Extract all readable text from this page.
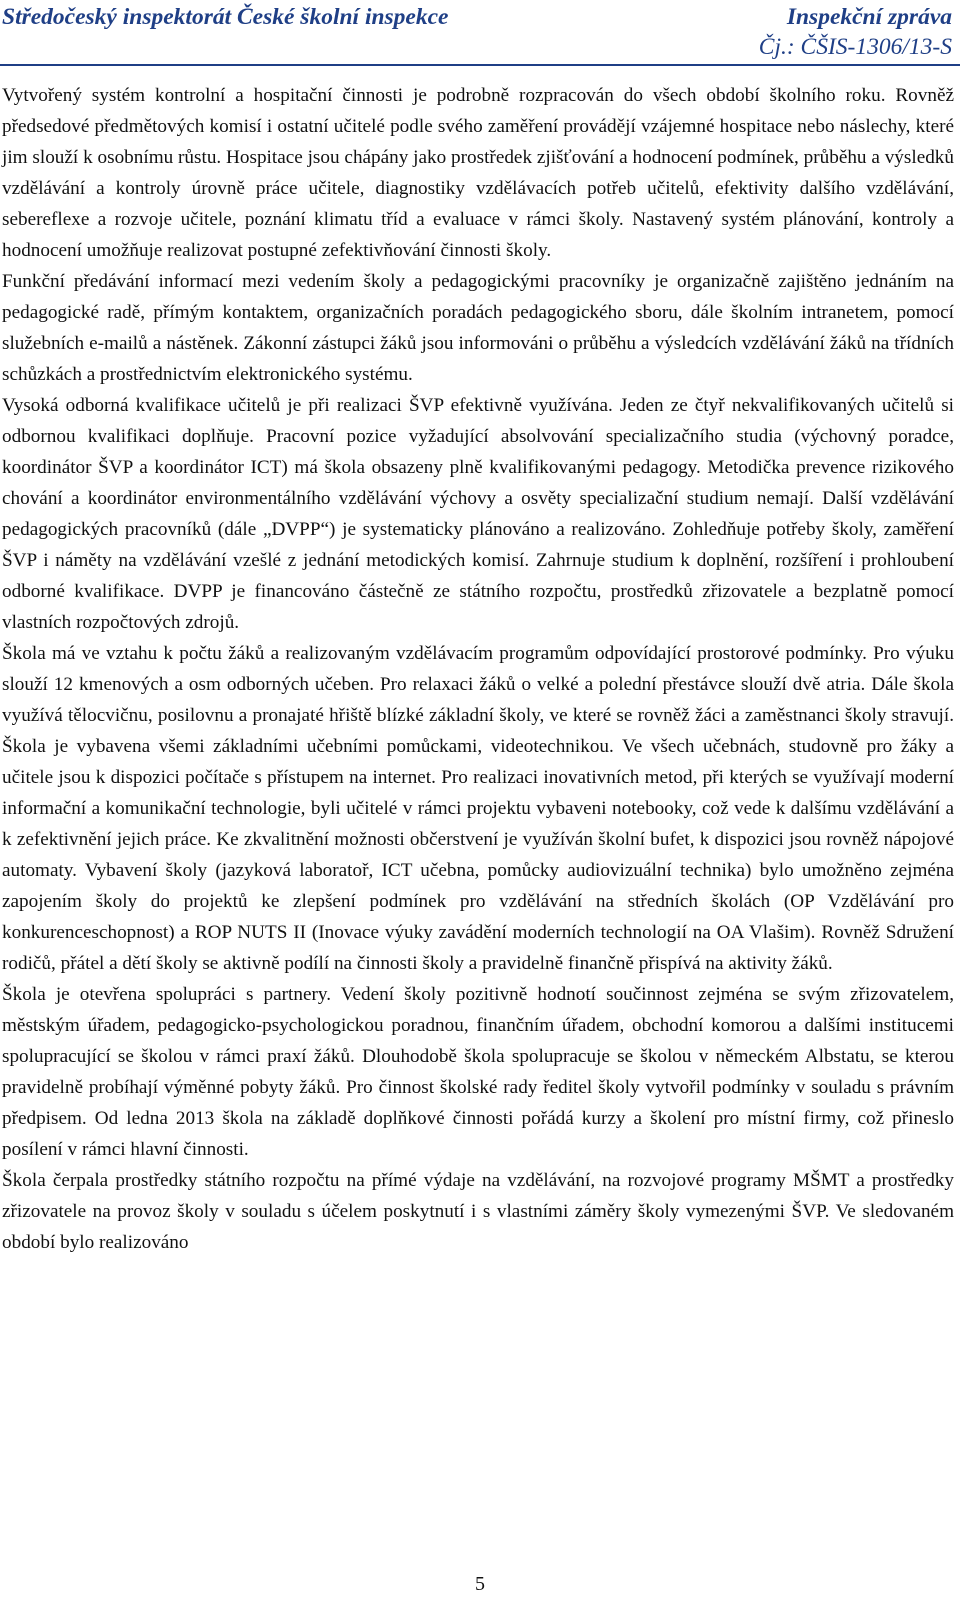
Středočeský inspektorát České školní inspekce	Inspekční zpráva
Čj.: ČŠIS-1306/13-S

Vytvořený systém kontrolní a hospitační činnosti je podrobně rozpracován do všech období školního roku. Rovněž předsedové předmětových komisí i ostatní učitelé podle svého zaměření provádějí vzájemné hospitace nebo náslechy, které jim slouží k osobnímu růstu. Hospitace jsou chápány jako prostředek zjišťování a hodnocení podmínek, průběhu a výsledků vzdělávání a kontroly úrovně práce učitele, diagnostiky vzdělávacích potřeb učitelů, efektivity dalšího vzdělávání, sebereflexe a rozvoje učitele, poznání klimatu tříd a evaluace v rámci školy. Nastavený systém plánování, kontroly a hodnocení umožňuje realizovat postupné zefektivňování činnosti školy.

Funkční předávání informací mezi vedením školy a pedagogickými pracovníky je organizačně zajištěno jednáním na pedagogické radě, přímým kontaktem, organizačních poradách pedagogického sboru, dále školním intranetem, pomocí služebních e-mailů a nástěnek. Zákonní zástupci žáků jsou informováni o průběhu a výsledcích vzdělávání žáků na třídních schůzkách a prostřednictvím elektronického systému.

Vysoká odborná kvalifikace učitelů je při realizaci ŠVP efektivně využívána. Jeden ze čtyř nekvalifikovaných učitelů si odbornou kvalifikaci doplňuje. Pracovní pozice vyžadující absolvování specializačního studia (výchovný poradce, koordinátor ŠVP a koordinátor ICT) má škola obsazeny plně kvalifikovanými pedagogy. Metodička prevence rizikového chování a koordinátor environmentálního vzdělávání výchovy a osvěty specializační studium nemají. Další vzdělávání pedagogických pracovníků (dále „DVPP“) je systematicky plánováno a realizováno. Zohledňuje potřeby školy, zaměření ŠVP i náměty na vzdělávání vzešlé z jednání metodických komisí. Zahrnuje studium k doplnění, rozšíření i prohloubení odborné kvalifikace. DVPP je financováno částečně ze státního rozpočtu, prostředků zřizovatele a bezplatně pomocí vlastních rozpočtových zdrojů.

Škola má ve vztahu k počtu žáků a realizovaným vzdělávacím programům odpovídající prostorové podmínky. Pro výuku slouží 12 kmenových a osm odborných učeben. Pro relaxaci žáků o velké a polední přestávce slouží dvě atria. Dále škola využívá tělocvičnu, posilovnu a pronajaté hřiště blízké základní školy, ve které se rovněž žáci a zaměstnanci školy stravují. Škola je vybavena všemi základními učebními pomůckami, videotechnikou. Ve všech učebnách, studovně pro žáky a učitele jsou k dispozici počítače s přístupem na internet. Pro realizaci inovativních metod, při kterých se využívají moderní informační a komunikační technologie, byli učitelé v rámci projektu vybaveni notebooky, což vede k dalšímu vzdělávání a k zefektivnění jejich práce. Ke zkvalitnění možnosti občerstvení je využíván školní bufet, k dispozici jsou rovněž nápojové automaty. Vybavení školy (jazyková laboratoř, ICT učebna, pomůcky audiovizuální technika) bylo umožněno zejména zapojením školy do projektů ke zlepšení podmínek pro vzdělávání na středních školách (OP Vzdělávání pro konkurenceschopnost) a ROP NUTS II (Inovace výuky zavádění moderních technologií na OA Vlašim). Rovněž Sdružení rodičů, přátel a dětí školy se aktivně podílí na činnosti školy a pravidelně finančně přispívá na aktivity žáků.

Škola je otevřena spolupráci s partnery. Vedení školy pozitivně hodnotí součinnost zejména se svým zřizovatelem, městským úřadem, pedagogicko-psychologickou poradnou, finančním úřadem, obchodní komorou a dalšími institucemi spolupracující se školou v rámci praxí žáků. Dlouhodobě škola spolupracuje se školou v německém Albstatu, se kterou pravidelně probíhají výměnné pobyty žáků. Pro činnost školské rady ředitel školy vytvořil podmínky v souladu s právním předpisem. Od ledna 2013 škola na základě doplňkové činnosti pořádá kurzy a školení pro místní firmy, což přineslo posílení v rámci hlavní činnosti.

Škola čerpala prostředky státního rozpočtu na přímé výdaje na vzdělávání, na rozvojové programy MŠMT a prostředky zřizovatele na provoz školy v souladu s účelem poskytnutí i s vlastními záměry školy vymezenými ŠVP. Ve sledovaném období bylo realizováno

5
